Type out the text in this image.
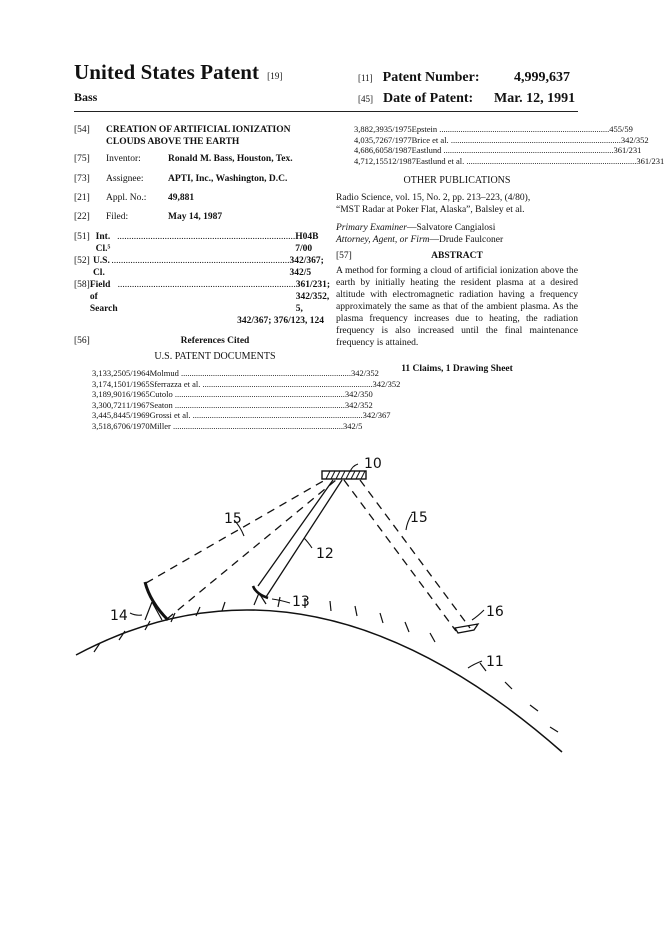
United States Patent [19]
Bass
[11] Patent Number: 4,999,637
[45] Date of Patent: Mar. 12, 1991
[54] CREATION OF ARTIFICIAL IONIZATION
CLOUDS ABOVE THE EARTH
[75] Inventor:	Ronald M. Bass, Houston, Tex.
[73] Assignee:	APTI, Inc., Washington, D.C.
[21] Appl. No.: 49,881
[22] Filed:	May 14, 1987
[51] Int. Cl.⁵
........................................................................... H04B 7/00
[52] U.S. Cl.
........................................................................... 342/367; 342/5
[58] Field of Search
........................................................................... 361/231; 342/352, 5,
342/367; 376/123, 124
[56]	References Cited
U.S. PATENT DOCUMENTS
3,133,250 5/1964 Molmud .....	342/352
3,174,150 1/1965 Sferrazza et al. .....	342/352
3,189,901 6/1965 Cutolo .....	342/350
3,300,721 1/1967 Seaton .....	342/352
3,445,844 5/1969 Grossi et al. .....	342/367
3,518,670 6/1970 Miller .....	342/5
3,882,393 5/1975 Epstein .....	455/59
4,035,726 7/1977 Brice et al. .....	342/352
4,686,605 8/1987 Eastlund .....	361/231
4,712,155 12/1987 Eastlund et al. .....	361/231
OTHER PUBLICATIONS
Radio Science, vol. 15, No. 2, pp. 213–223, (4/80),
“MST Radar at Poker Flat, Alaska”, Balsley et al.
Primary Examiner—Salvatore Cangialosi
Attorney, Agent, or Firm—Drude Faulconer
[57]	ABSTRACT
A method for forming a cloud of artificial ionization above the earth by initially heating the resident plasma at a desired altitude with electromagnetic radiation having a frequency approximately the same as that of the ambient plasma. As the plasma frequency increases due to heating, the radiation frequency is also increased until the final maintenance frequency is attained.
11 Claims, 1 Drawing Sheet
10
15	15
12
13
14	16
11
